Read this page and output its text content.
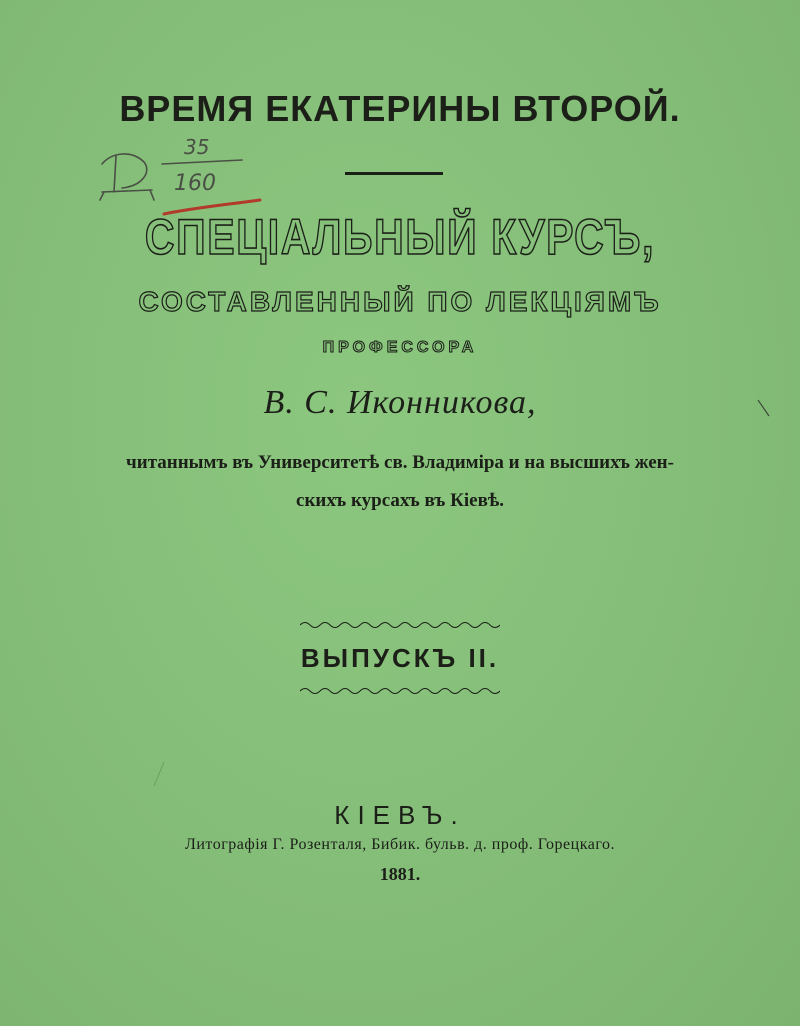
ВРЕМЯ ЕКАТЕРИНЫ ВТОРОЙ.
35
160
СПЕЦІАЛЬНЫЙ КУРСЪ,
СОСТАВЛЕННЫЙ ПО ЛЕКЦІЯМЪ
ПРОФЕССОРА
В. С. Иконникова,
читаннымъ въ Университетѣ св. Владиміра и на высшихъ жен-
скихъ курсахъ въ Кіевѣ.
ВЫПУСКЪ II.
КІЕВЪ.
Литографія Г. Розенталя, Бибик. бульв. д. проф. Горецкаго.
1881.
